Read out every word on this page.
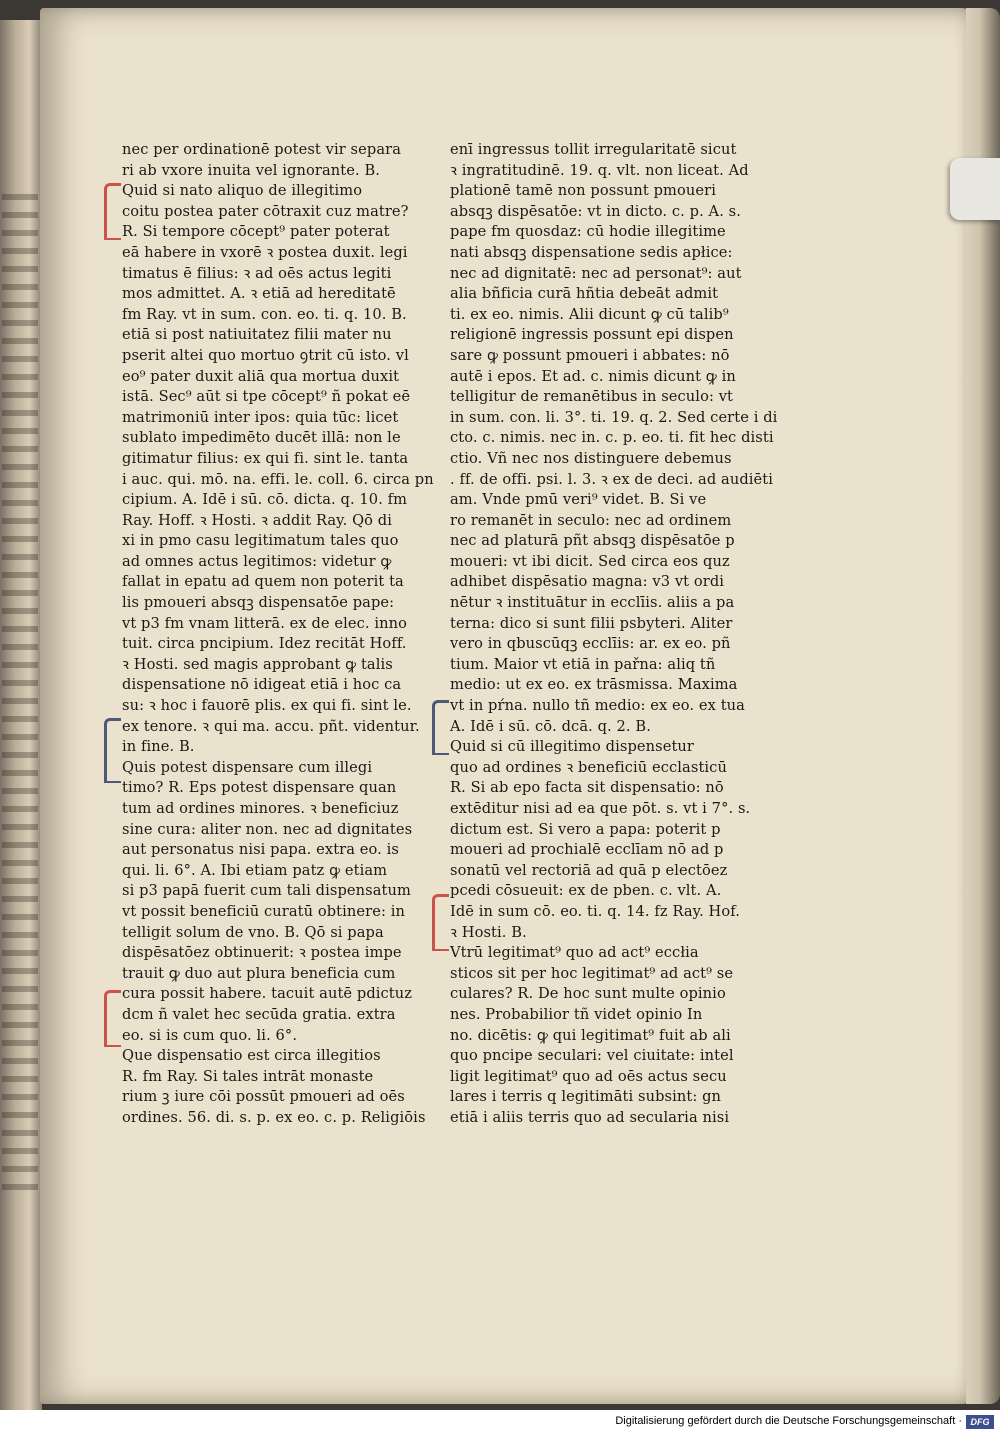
nec per ordinationē potest vir separa
ri ab vxore inuita vel ignorante. B.
Quid si nato aliquo de illegitimo
coitu postea pater cōtraxit cuz matre?
R. Si tempore cōcept⁹ pater poterat
eā habere in vxorē ꝛ postea duxit. legi
timatus ē filius: ꝛ ad oēs actus legiti
mos admittet. A. ꝛ etiā ad hereditatē
fm Ray. vt in sum. con. eo. ti. q. 10. B.
etiā si post natiuitatez filii mater nu
pserit altei quo mortuo ꝯtrit cū isto. vl
eo⁹ pater duxit aliā qua mortua duxit
istā. Sec⁹ aūt si tpe cōcept⁹ ñ pokat eē
matrimoniū inter ipos: quia tūc: licet
sublato impedimēto ducēt illā: non le
gitimatur filius: ex qui fi. sint le. tanta
i auc. qui. mō. na. effi. le. coll. 6. circa pn
cipium. A. Idē i sū. cō. dicta. q. 10. fm
Ray. Hoff. ꝛ Hosti. ꝛ addit Ray. Qō di
xi in pmo casu legitimatum tales quo
ad omnes actus legitimos: videtur ꝙ
fallat in epatu ad quem non poterit ta
lis pmoueri absqꝫ dispensatōe pape:
vt p3 fm vnam litterā. ex de elec. inno
tuit. circa pncipium. Idez recitāt Hoff.
ꝛ Hosti. sed magis approbant ꝙ talis
dispensatione nō idigeat etiā i hoc ca
su: ꝛ hoc i fauorē plis. ex qui fi. sint le.
ex tenore. ꝛ qui ma. accu. pñt. videntur.
in fine. B.
Quis potest dispensare cum illegi
timo? R. Eps potest dispensare quan
tum ad ordines minores. ꝛ beneficiuz
sine cura: aliter non. nec ad dignitates
aut personatus nisi papa. extra eo. is
qui. li. 6°. A. Ibi etiam patz ꝙ etiam
si p3 papā fuerit cum tali dispensatum
vt possit beneficiū curatū obtinere: in
telligit solum de vno. B. Qō si papa
dispēsatōez obtinuerit: ꝛ postea impe
trauit ꝙ duo aut plura beneficia cum
cura possit habere. tacuit autē pdictuz
dcm ñ valet hec secūda gratia. extra
eo. si is cum quo. li. 6°.
Que dispensatio est circa illegitios
R. fm Ray. Si tales intrāt monaste
rium ꝫ iure cōi possūt pmoueri ad oēs
ordines. 56. di. s. p. ex eo. c. p. Religiōis
enī ingressus tollit irregularitatē sicut
ꝛ ingratitudinē. 19. q. vlt. non liceat. Ad
plationē tamē non possunt pmoueri
absqꝫ dispēsatōe: vt in dicto. c. p. A. s.
pape fm quosdaz: cū hodie illegitime
nati absqꝫ dispensatione sedis apłice:
nec ad dignitatē: nec ad personat⁹: aut
alia bñficia curā hñtia debeāt admit
ti. ex eo. nimis. Alii dicunt ꝙ cū talib⁹
religionē ingressis possunt epi dispen
sare ꝙ possunt pmoueri i abbates: nō
autē i epos. Et ad. c. nimis dicunt ꝙ in
telligitur de remanētibus in seculo: vt
in sum. con. li. 3°. ti. 19. q. 2. Sed certe i di
cto. c. nimis. nec in. c. p. eo. ti. fit hec disti
ctio. Vñ nec nos distinguere debemus
. ff. de offi. psi. l. 3. ꝛ ex de deci. ad audiēti
am. Vnde pmū veri⁹ videt. B. Si ve
ro remanēt in seculo: nec ad ordinem
nec ad platurā pñt absqꝫ dispēsatōe p
moueri: vt ibi dicit. Sed circa eos quz
adhibet dispēsatio magna: v3 vt ordi
nētur ꝛ instituātur in ecclīis. aliis a pa
terna: dico si sunt filii psbyteri. Aliter
vero in qbuscūqꝫ ecclīis: ar. ex eo. pñ
tium. Maior vt etiā in pařna: aliq tñ
medio: ut ex eo. ex trāsmissa. Maxima
vt in pŕna. nullo tñ medio: ex eo. ex tua
A. Idē i sū. cō. dcā. q. 2. B.
Quid si cū illegitimo dispensetur
quo ad ordines ꝛ beneficiū ecclasticū
R. Si ab epo facta sit dispensatio: nō
extēditur nisi ad ea que pōt. s. vt i 7°. s.
dictum est. Si vero a papa: poterit p
moueri ad prochialē ecclīam nō ad p
sonatū vel rectoriā ad quā p electōez
pcedi cōsueuit: ex de pben. c. vlt. A.
Idē in sum cō. eo. ti. q. 14. fz Ray. Hof.
ꝛ Hosti. B.
Vtrū legitimat⁹ quo ad act⁹ eccłia
sticos sit per hoc legitimat⁹ ad act⁹ se
culares? R. De hoc sunt multe opinio
nes. Probabilior tñ videt opinio In
no. dicētis: ꝙ qui legitimat⁹ fuit ab ali
quo pncipe seculari: vel ciuitate: intel
ligit legitimat⁹ quo ad oēs actus secu
lares i terris q legitimāti subsint: gn
etiā i aliis terris quo ad secularia nisi
Digitalisierung gefördert durch die Deutsche Forschungsgemeinschaft · DFG
